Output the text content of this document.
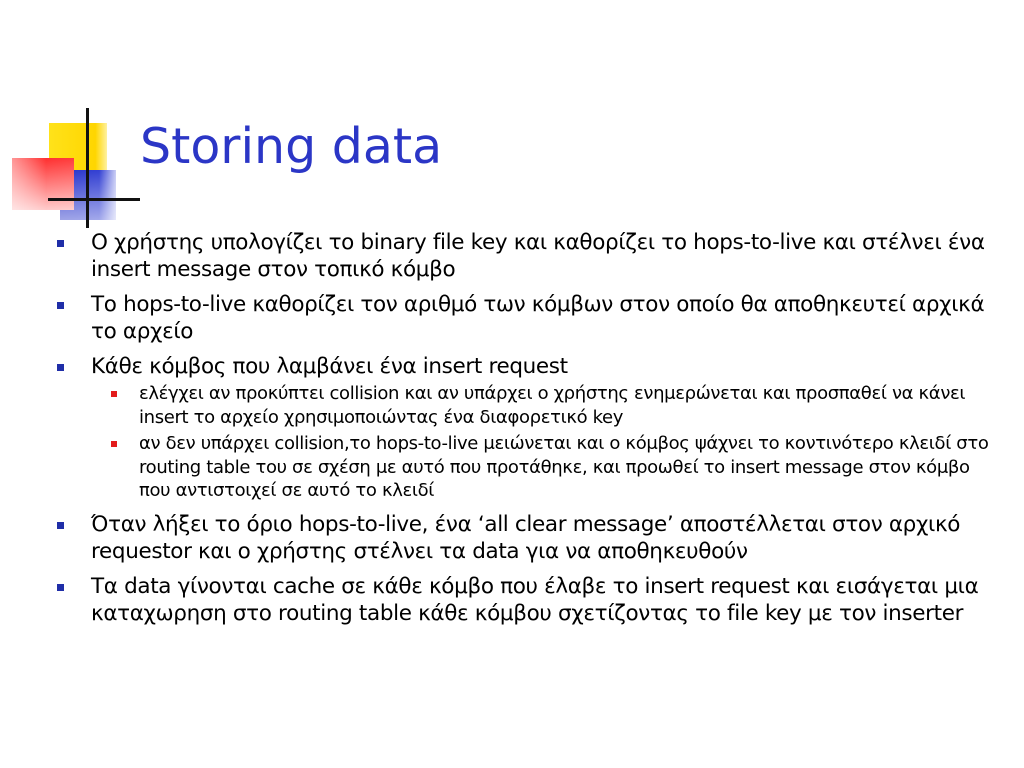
Storing data
Ο χρήστης υπολογίζει το binary file key και καθορίζει το hops-to-live και στέλνει ένα insert message στον τοπικό κόμβο
Το hops-to-live καθορίζει τον αριθμό των κόμβων στον οποίο θα αποθηκευτεί αρχικά το αρχείο
Κάθε κόμβος που λαμβάνει ένα insert request
ελέγχει αν προκύπτει collision και αν υπάρχει ο χρήστης ενημερώνεται και προσπαθεί να κάνει insert το αρχείο χρησιμοποιώντας ένα διαφορετικό key
αν δεν υπάρχει collision,το hops-to-live μειώνεται και ο κόμβος ψάχνει το κοντινότερο κλειδί στο routing table του σε σχέση με αυτό που προτάθηκε, και προωθεί το insert message στον κόμβο που αντιστοιχεί σε αυτό το κλειδί
Όταν λήξει το όριο hops-to-live, ένα ‘all clear message’ αποστέλλεται στον αρχικό requestor και ο χρήστης στέλνει τα data για να αποθηκευθούν
Τα data γίνονται cache σε κάθε κόμβο που έλαβε το insert request και εισάγεται μια καταχωρηση στο routing table κάθε κόμβου σχετίζοντας το file key με τον inserter
